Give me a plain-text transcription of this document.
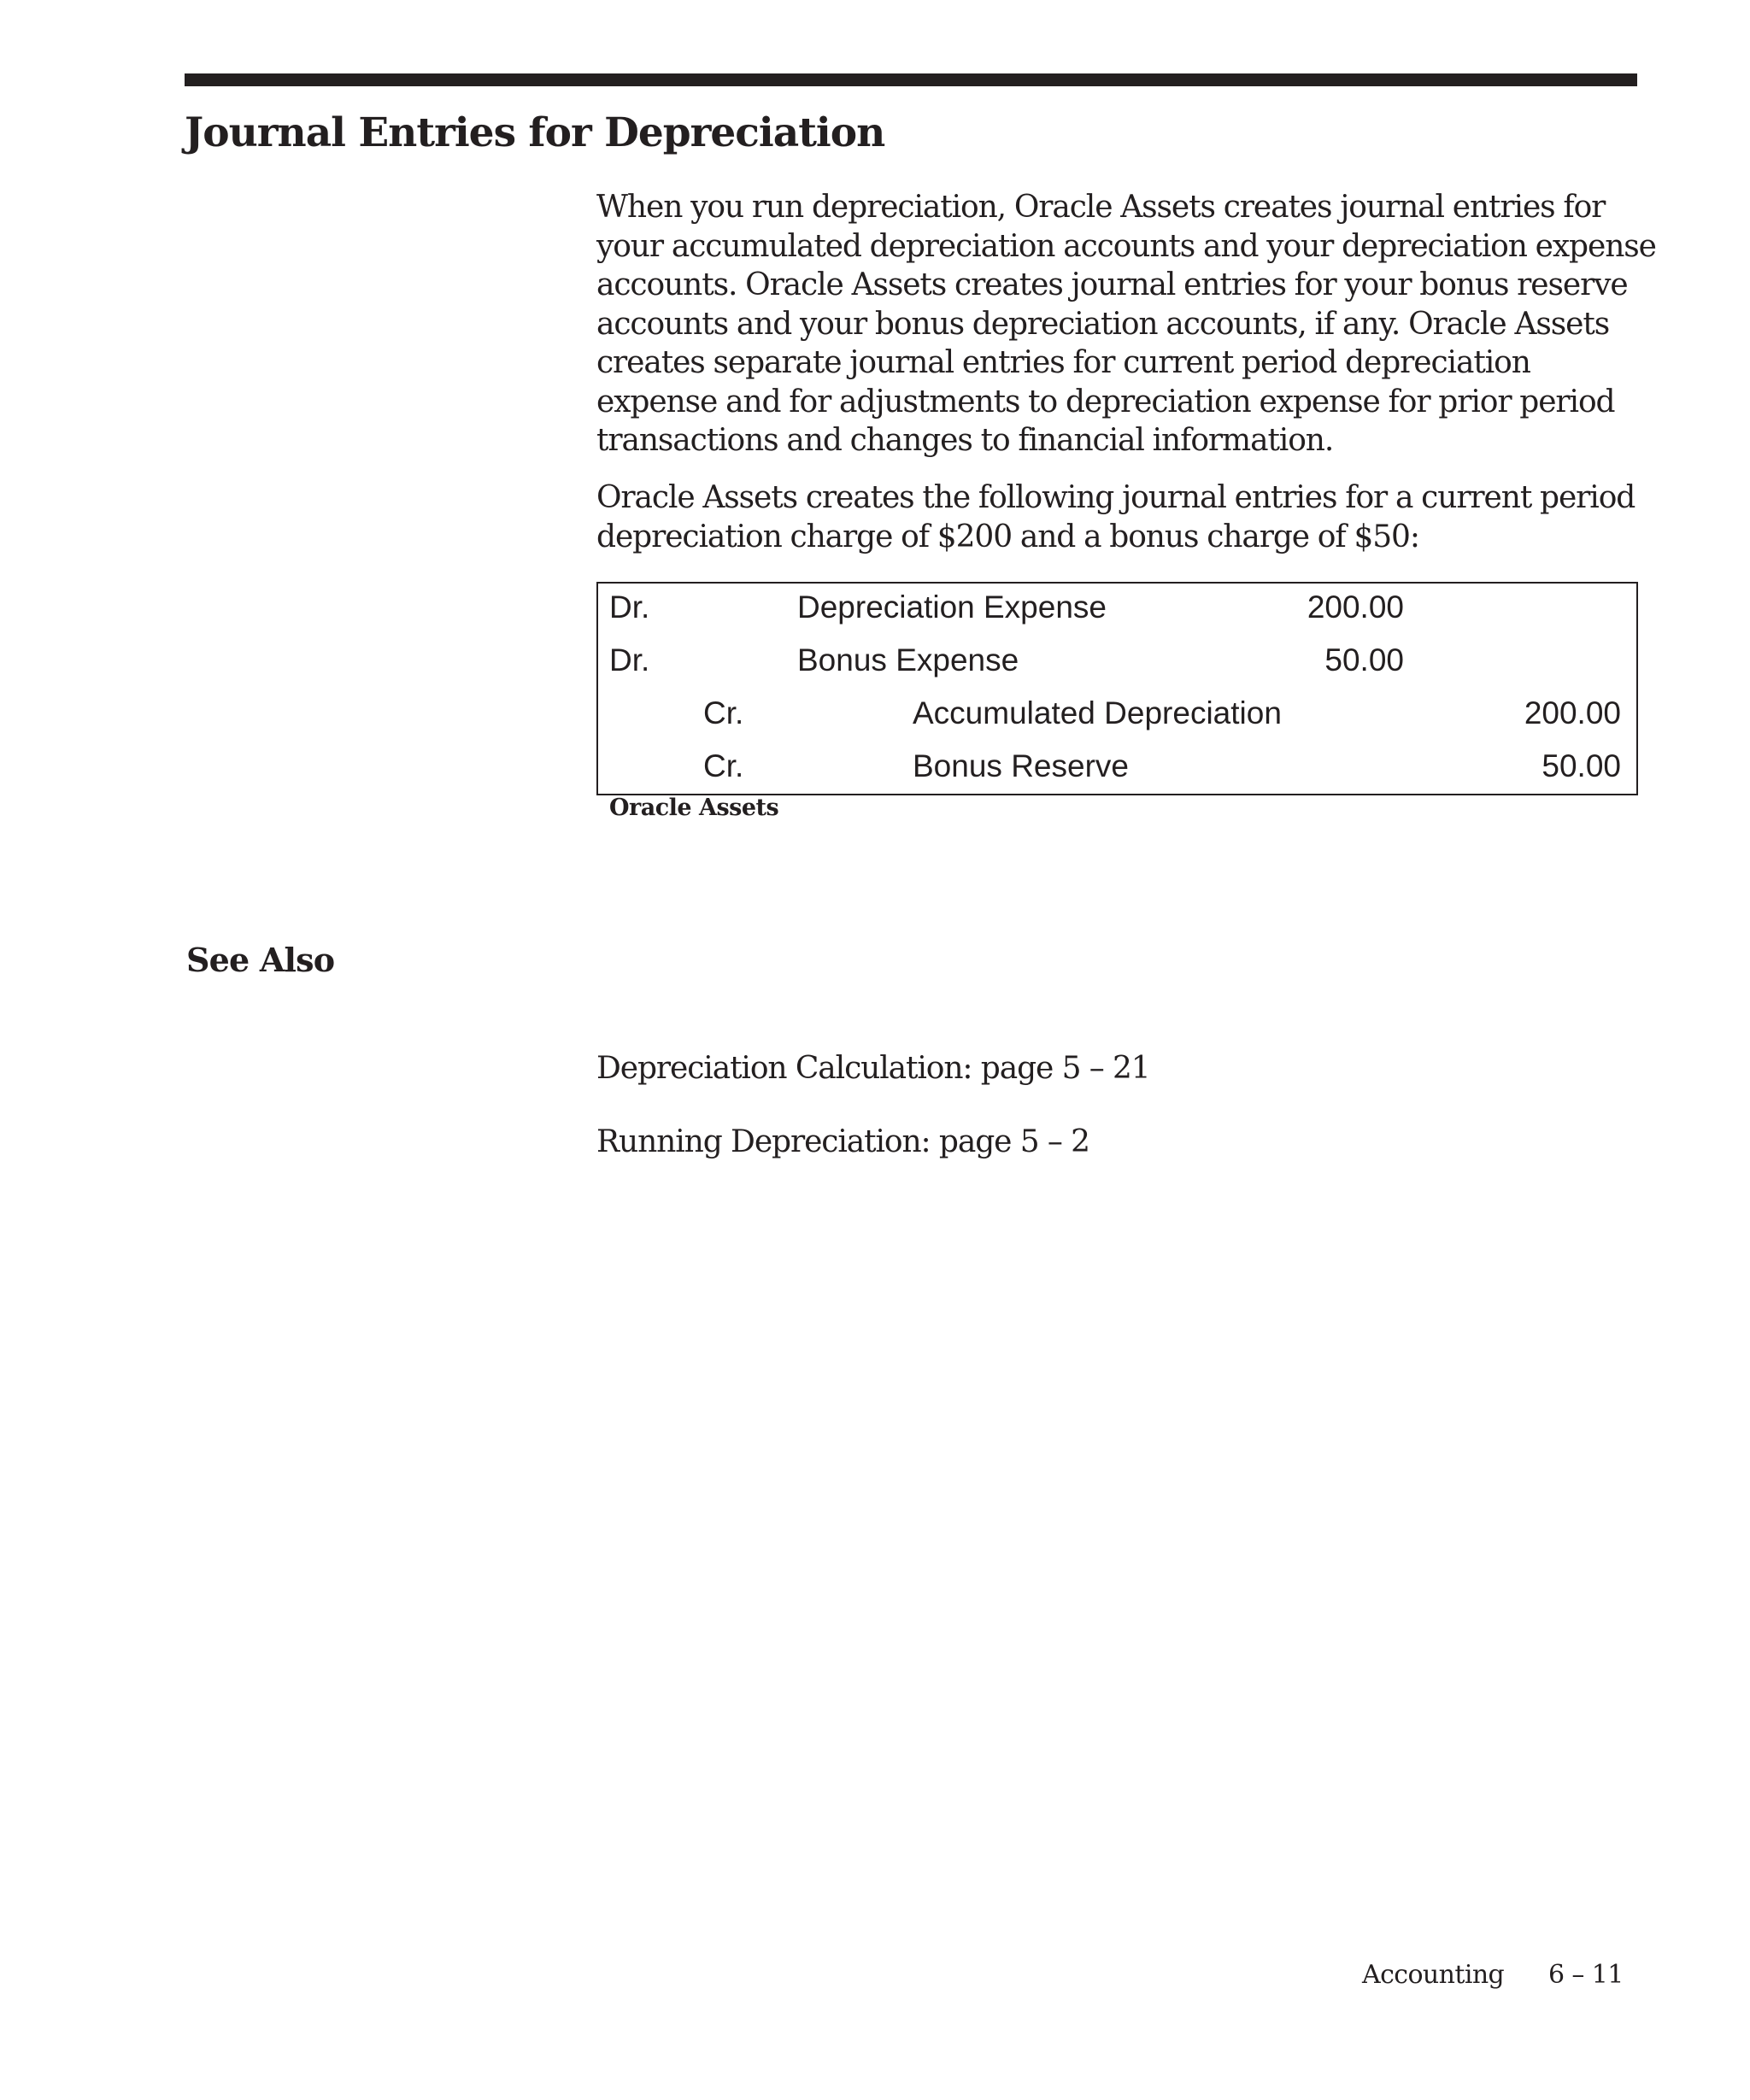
Journal Entries for Depreciation

When you run depreciation, Oracle Assets creates journal entries for your accumulated depreciation accounts and your depreciation expense accounts. Oracle Assets creates journal entries for your bonus reserve accounts and your bonus depreciation accounts, if any. Oracle Assets creates separate journal entries for current period depreciation expense and for adjustments to depreciation expense for prior period transactions and changes to financial information.

Oracle Assets creates the following journal entries for a current period depreciation charge of $200 and a bonus charge of $50:

Dr.	Depreciation Expense	200.00
Dr.	Bonus Expense	50.00
Cr.	Accumulated Depreciation	200.00
Cr.	Bonus Reserve	50.00

Oracle Assets

See Also

Depreciation Calculation: page 5 – 21

Running Depreciation: page 5 – 2

Accounting 6 – 11
